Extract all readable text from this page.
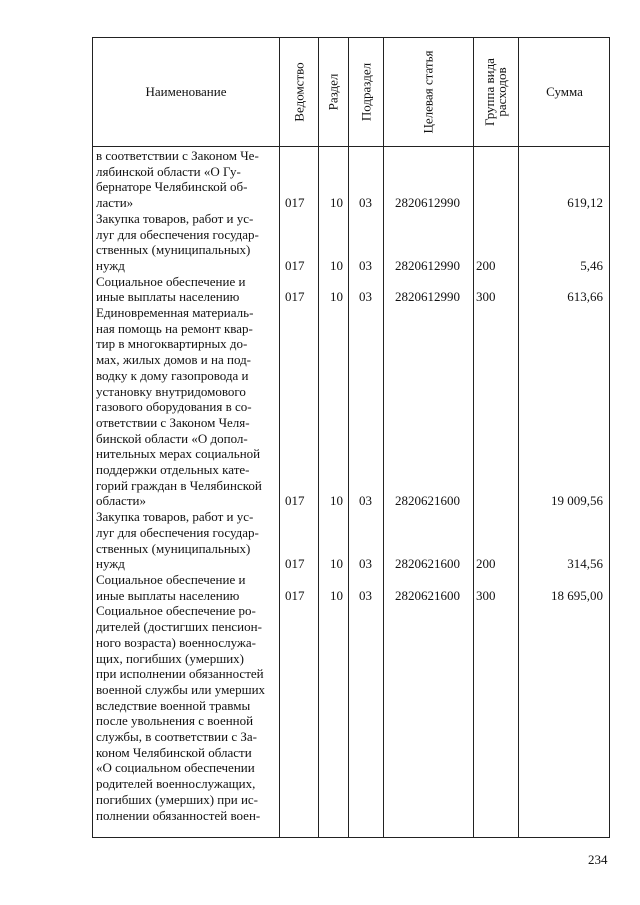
Наименование	Ведомство Раздел Подраздел	Целевая статья	Группа вида расходов	Сумма
в соответствии с Законом Че-
лябинской области «О Гу-
бернаторе Челябинской об-
ласти»	017 10 03 2820612990	619,12
Закупка товаров, работ и ус-
луг для обеспечения государ-
ственных (муниципальных)
нужд	017 10 03 2820612990 200	5,46
Социальное обеспечение и
иные выплаты населению	017 10 03 2820612990 300	613,66
Единовременная материаль-
ная помощь на ремонт квар-
тир в многоквартирных до-
мах, жилых домов и на под-
водку к дому газопровода и
установку внутридомового
газового оборудования в со-
ответствии с Законом Челя-
бинской области «О допол-
нительных мерах социальной
поддержки отдельных кате-
горий граждан в Челябинской
области»	017 10 03 2820621600	19 009,56
Закупка товаров, работ и ус-
луг для обеспечения государ-
ственных (муниципальных)
нужд	017 10 03 2820621600 200	314,56
Социальное обеспечение и
иные выплаты населению	017 10 03 2820621600 300	18 695,00
Социальное обеспечение ро-
дителей (достигших пенсион-
ного возраста) военнослужа-
щих, погибших (умерших)
при исполнении обязанностей
военной службы или умерших
вследствие военной травмы
после увольнения с военной
службы, в соответствии с За-
коном Челябинской области
«О социальном обеспечении
родителей военнослужащих,
погибших (умерших) при ис-
полнении обязанностей воен-
234
